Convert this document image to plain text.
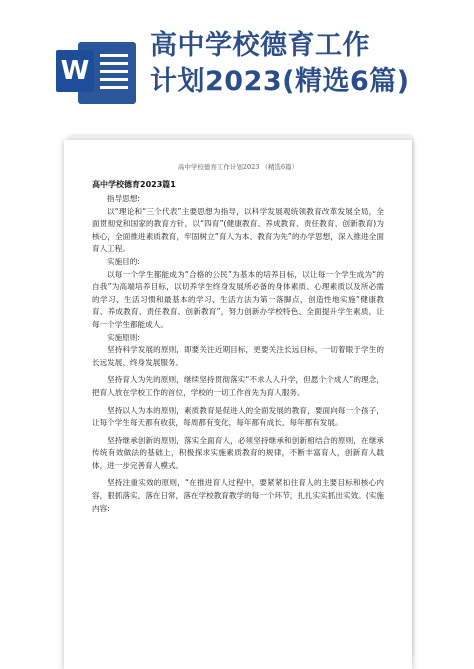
W
高中学校德育工作
计划2023(精选6篇)
高中学校德育工作计划2023 （精选6篇）
高中学校德育2023篇1

指导思想:

以“理论和“三个代表”主要思想为指导，以科学发展观统领教育改革发展全局，全面贯彻党和国家的教育方针，以“四育”(健康教育、养成教育、责任教育、创新教育)为核心，全面推进素质教育，牢固树立“育人为本、教育为先”的办学思想，深入推进全面育人工程。

实施目的:

以每一个学生都能成为“合格的公民”为基本的培养目标，以让每一个学生成为“的自我”为高端培养目标，以切养学生终身发展所必备的身体素质、心理素质以及所必需的学习、生活习惯和最基本的学习、生活方法为第一落脚点，创造性地实施“健康教育、养成教育、责任教育、创新教育”，努力创新办学校特色、全面提升学生素质，让每一个学生都能成人。

实施原则:

坚持科学发展的原则，即要关注近期目标，更要关注长远目标，一切着眼于学生的长远发展、终身发展服务。

坚持育人为先的原则，继续坚持贯彻落实“不求人人升学，但愿个个成人”的理念，把育人放在学校工作的首位，学校的一切工作首先为育人服务。

坚持以人为本的原则，素质教育是促进人的全面发展的教育，要面向每一个孩子，让每个学生每天都有收获，每周都有变化，每年都有成长，每年都有发展。

坚持继承创新的原则，落实全面育人，必须坚持继承和创新相结合的原则，在继承传统有效做法的基础上，积极探求实施素质教育的规律，不断丰富育人，创新育人载体，进一步完善育人模式。

坚持注重实效的原则，“在推进育人过程中，要紧紧扣住育人的主要目标和核心内容，狠抓落实，落在日常，落在学校教育教学的每一个环节，扎扎实实抓出实效。(实施内容:
